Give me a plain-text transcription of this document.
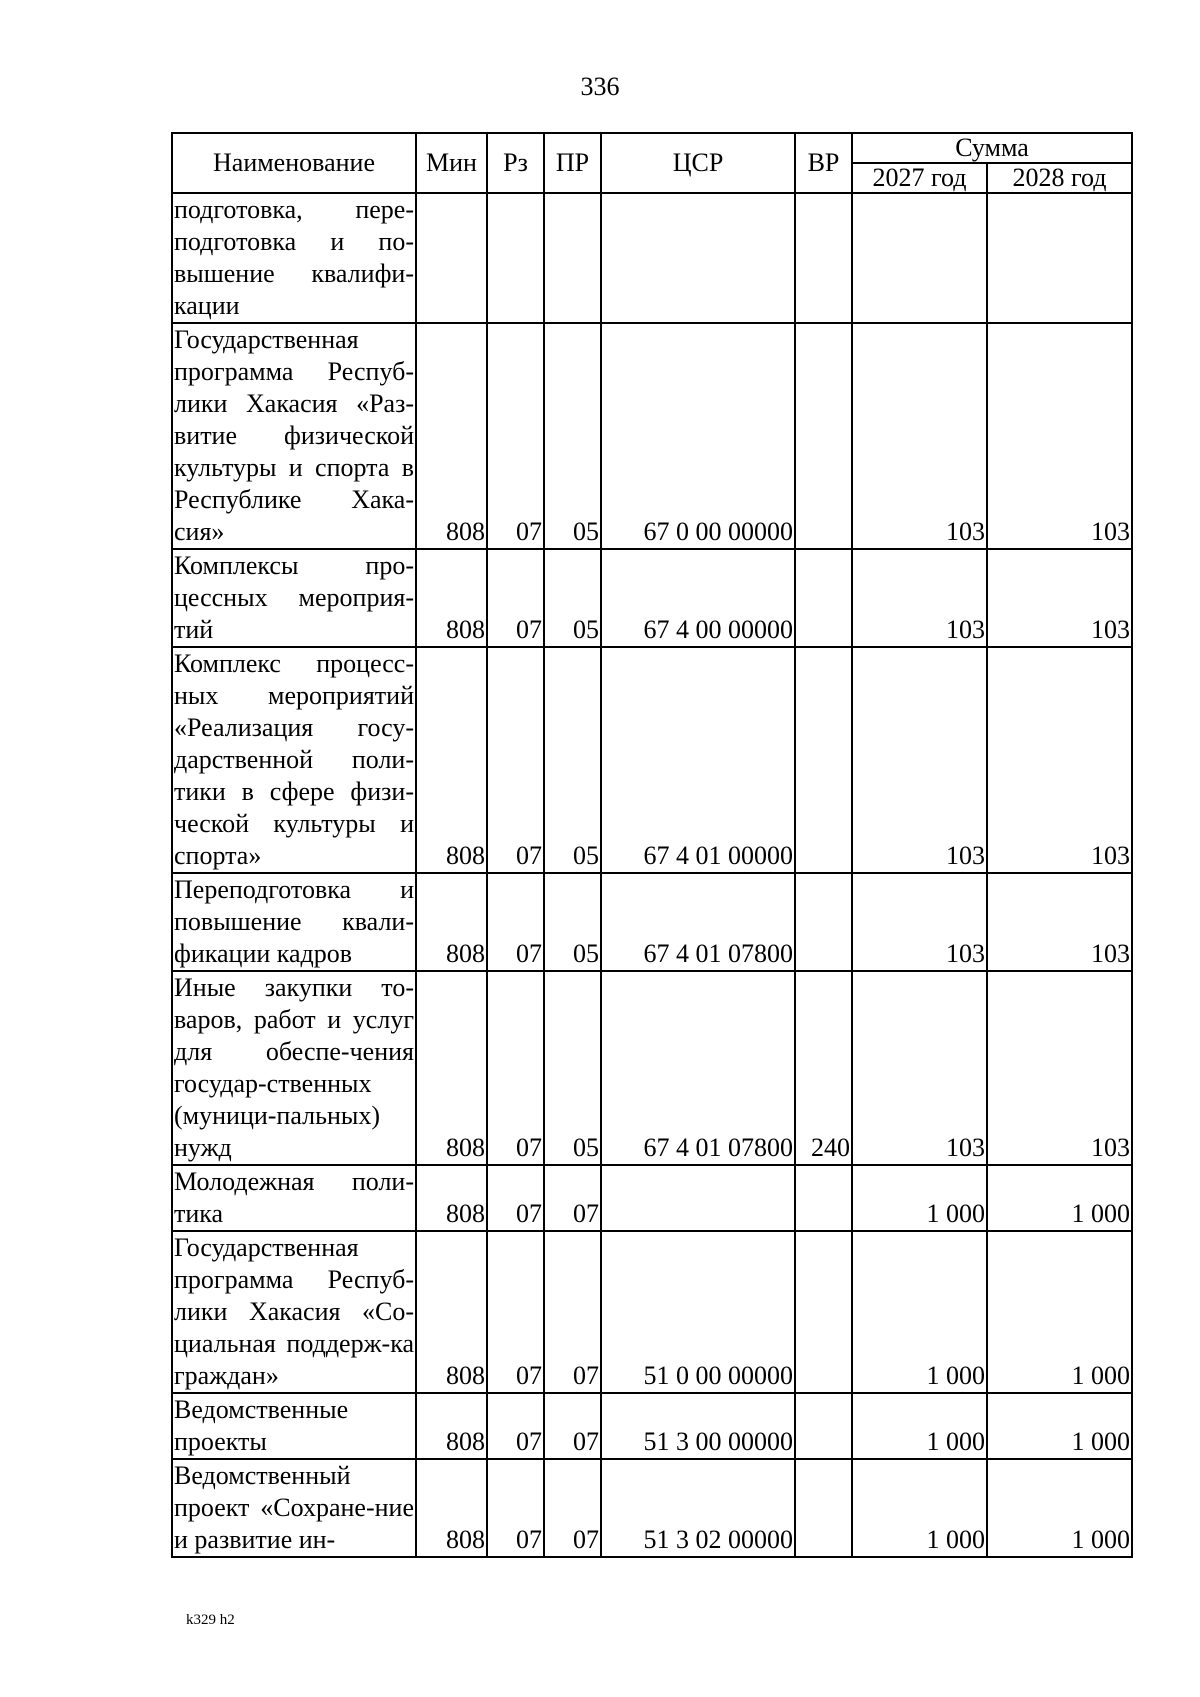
336
Наименование	Мин	Рз	ПР	ЦСР	ВР	Сумма	
						2027 год	2028 год
подготовка, пере-подготовка и по-вышение квалифи-кации							
Государственная программа Респуб-лики Хакасия «Раз-витие физической культуры и спорта в Республике Хака-сия»	808	07	05	67 0 00 00000		103	103
Комплексы про-цессных мероприя-тий	808	07	05	67 4 00 00000		103	103
Комплекс процесс-ных мероприятий «Реализация госу-дарственной поли-тики в сфере физи-ческой культуры и спорта»	808	07	05	67 4 01 00000		103	103
Переподготовка и повышение квали-фикации кадров	808	07	05	67 4 01 07800		103	103
Иные закупки то-варов, работ и услуг для обеспе-чения государ-ственных (муници-пальных) нужд	808	07	05	67 4 01 07800	240	103	103
Молодежная поли-тика	808	07	07			1 000	1 000
Государственная программа Респуб-лики Хакасия «Со-циальная поддерж-ка граждан»	808	07	07	51 0 00 00000		1 000	1 000
Ведомственные проекты	808	07	07	51 3 00 00000		1 000	1 000
Ведомственный проект «Сохране-ние и развитие ин-	808	07	07	51 3 02 00000		1 000	1 000
k329 h2
